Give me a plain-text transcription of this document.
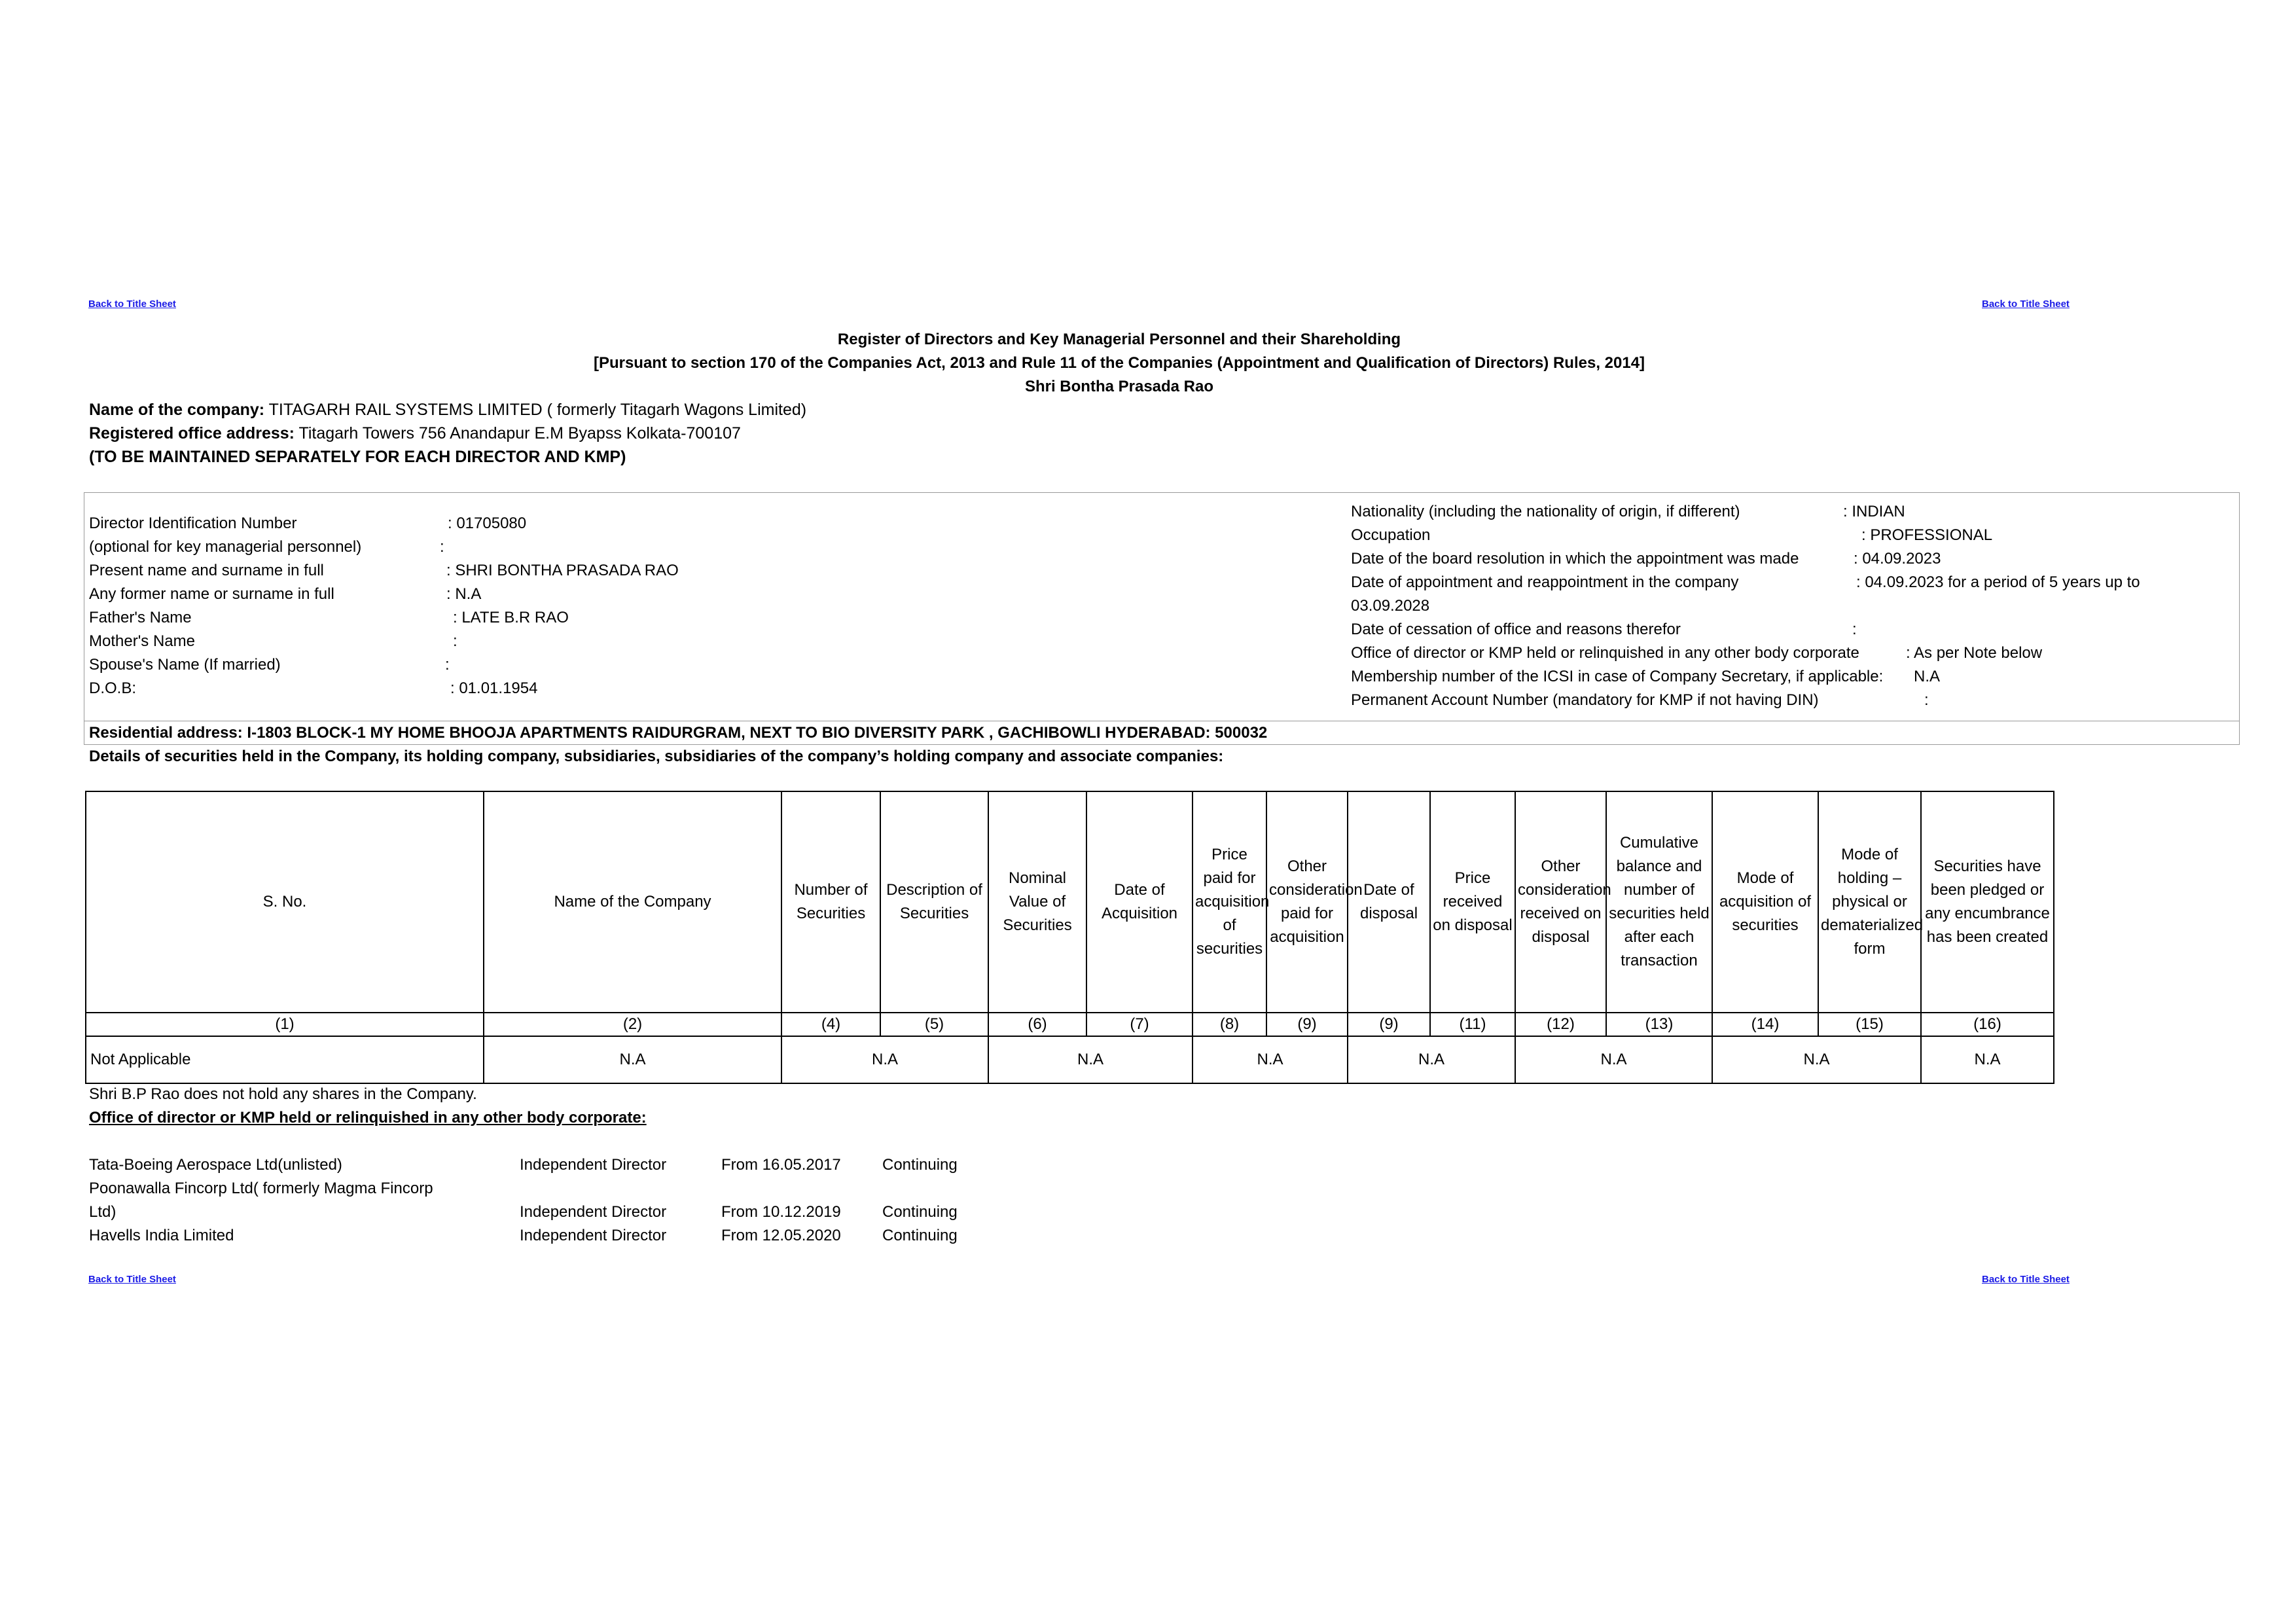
Back to Title Sheet	Back to Title Sheet
Register of Directors and Key Managerial Personnel and their Shareholding
[Pursuant to section 170 of the Companies Act, 2013 and Rule 11 of the Companies (Appointment and Qualification of Directors) Rules, 2014]
Shri Bontha Prasada Rao
Name of the company: TITAGARH RAIL SYSTEMS LIMITED ( formerly Titagarh Wagons Limited)
Registered office address: Titagarh Towers 756 Anandapur E.M Byapss Kolkata-700107
(TO BE MAINTAINED SEPARATELY FOR EACH DIRECTOR AND KMP)
Director Identification Number	: 01705080
(optional for key managerial personnel)	:
Present name and surname in full	: SHRI BONTHA PRASADA RAO
Any former name or surname in full	: N.A
Father's Name	: LATE B.R RAO
Mother's Name	:
Spouse's Name (If married)	:
D.O.B:	: 01.01.1954
Nationality (including the nationality of origin, if different)	: INDIAN
Occupation	: PROFESSIONAL
Date of the board resolution in which the appointment was made	: 04.09.2023
Date of appointment and reappointment in the company	: 04.09.2023 for a period of 5 years up to
03.09.2028
Date of cessation of office and reasons therefor	:
Office of director or KMP held or relinquished in any other body corporate	: As per Note below
Membership number of the ICSI in case of Company Secretary, if applicable: N.A
Permanent Account Number (mandatory for KMP if not having DIN)	:
Residential address: I-1803 BLOCK-1 MY HOME BHOOJA APARTMENTS RAIDURGRAM, NEXT TO BIO DIVERSITY PARK , GACHIBOWLI HYDERABAD: 500032
Details of securities held in the Company, its holding company, subsidiaries, subsidiaries of the company’s holding company and associate companies:
S. No.	Name of the Company	Number of Securities	Description of Securities	Nominal Value of Securities	Date of Acquisition	Price paid for acquisition of securities	Other consideration paid for acquisition	Date of disposal	Price received on disposal	Other consideration received on disposal	Cumulative balance and number of securities held after each transaction	Mode of acquisition of securities	Mode of holding – physical or dematerialized form	Securities have been pledged or any encumbrance has been created
(1)	(2)	(4)	(5)	(6)	(7)	(8)	(9)	(9)	(11)	(12)	(13)	(14)	(15)	(16)
Not Applicable	N.A	N.A		N.A		N.A		N.A		N.A		N.A		N.A
Shri B.P Rao does not hold any shares in the Company.
Office of director or KMP held or relinquished in any other body corporate:
Tata-Boeing Aerospace Ltd(unlisted)	Independent Director	From 16.05.2017	Continuing
Poonawalla Fincorp Ltd( formerly Magma Fincorp
Ltd)	Independent Director	From 10.12.2019	Continuing
Havells India Limited	Independent Director	From 12.05.2020	Continuing
Back to Title Sheet	Back to Title Sheet
